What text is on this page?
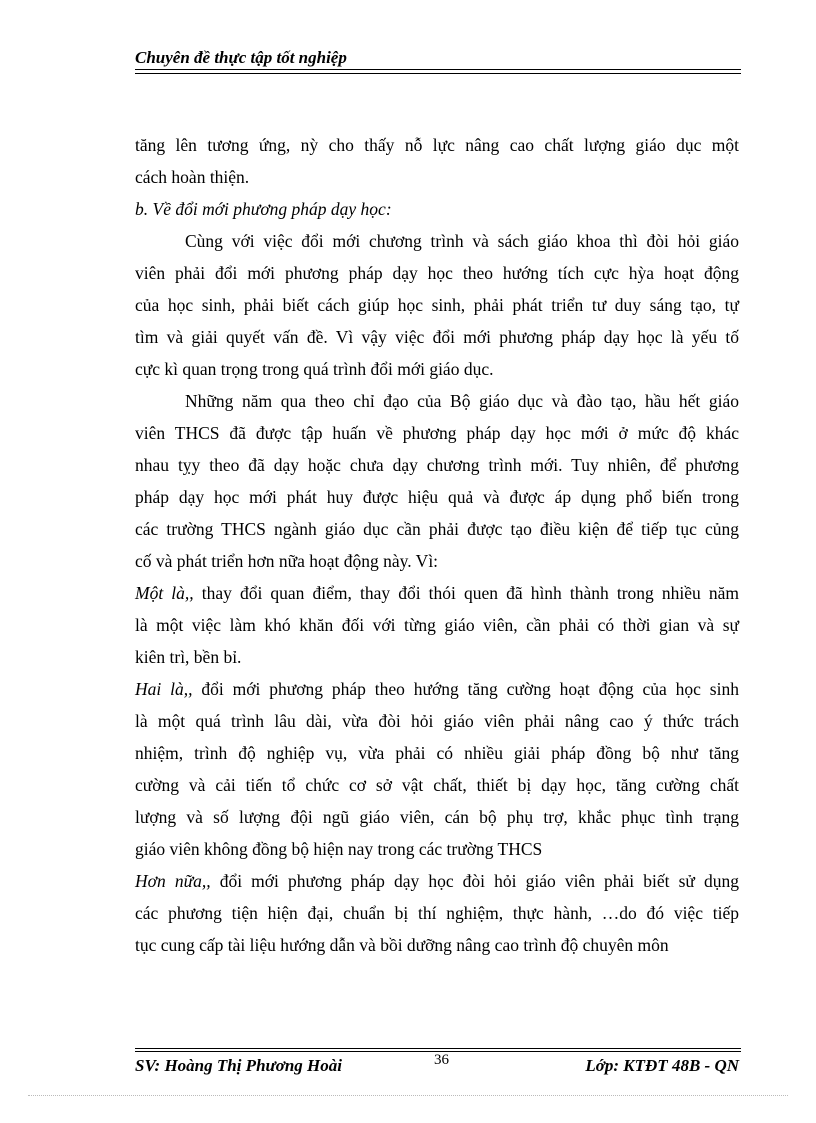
Chuyên đề thực tập tốt nghiệp
tăng lên tương ứng, nỳ cho thấy nỗ lực nâng cao chất lượng giáo dục một
cách hoàn thiện.
b. Về đổi mới phương pháp dạy học:
Cùng với việc đổi mới chương trình và sách giáo khoa thì đòi hỏi giáo
viên phải đổi mới phương pháp dạy học theo hướng tích cực hỳa hoạt động
của học sinh, phải biết cách giúp học sinh, phải phát triển tư duy sáng tạo, tự
tìm và giải quyết vấn đề. Vì vậy việc đổi mới phương pháp dạy học là yếu tố
cực kì quan trọng trong quá trình đổi mới giáo dục.
Những năm qua theo chỉ đạo của Bộ giáo dục và đào tạo, hầu hết giáo
viên THCS đã được tập huấn về phương pháp dạy học mới ở mức độ khác
nhau tỵy theo đã dạy hoặc chưa dạy chương trình mới. Tuy nhiên, để phương
pháp dạy học mới phát huy được hiệu quả và được áp dụng phổ biến trong
các trường THCS ngành giáo dục cần phải được tạo điều kiện để tiếp tục củng
cố và phát triển hơn nữa hoạt động này. Vì:
Một là,, thay đổi quan điểm, thay đổi thói quen đã hình thành trong nhiều năm
là một việc làm khó khăn đối với từng giáo viên, cần phải có thời gian và sự
kiên trì, bền bỉ.
Hai là,, đổi mới phương pháp theo hướng tăng cường hoạt động của học sinh
là một quá trình lâu dài, vừa đòi hỏi giáo viên phải nâng cao ý thức trách
nhiệm, trình độ nghiệp vụ, vừa phải có nhiều giải pháp đồng bộ như tăng
cường và cải tiến tổ chức cơ sở vật chất, thiết bị dạy học, tăng cường chất
lượng và số lượng đội ngũ giáo viên, cán bộ phụ trợ, khắc phục tình trạng
giáo viên không đồng bộ hiện nay trong các trường THCS
Hơn nữa,, đổi mới phương pháp dạy học đòi hỏi giáo viên phải biết sử dụng
các phương tiện hiện đại, chuẩn bị thí nghiệm, thực hành, …do đó việc tiếp
tục cung cấp tài liệu hướng dẫn và bồi dưỡng nâng cao trình độ chuyên môn
SV: Hoàng Thị Phương Hoài	36	Lớp: KTĐT 48B - QN
